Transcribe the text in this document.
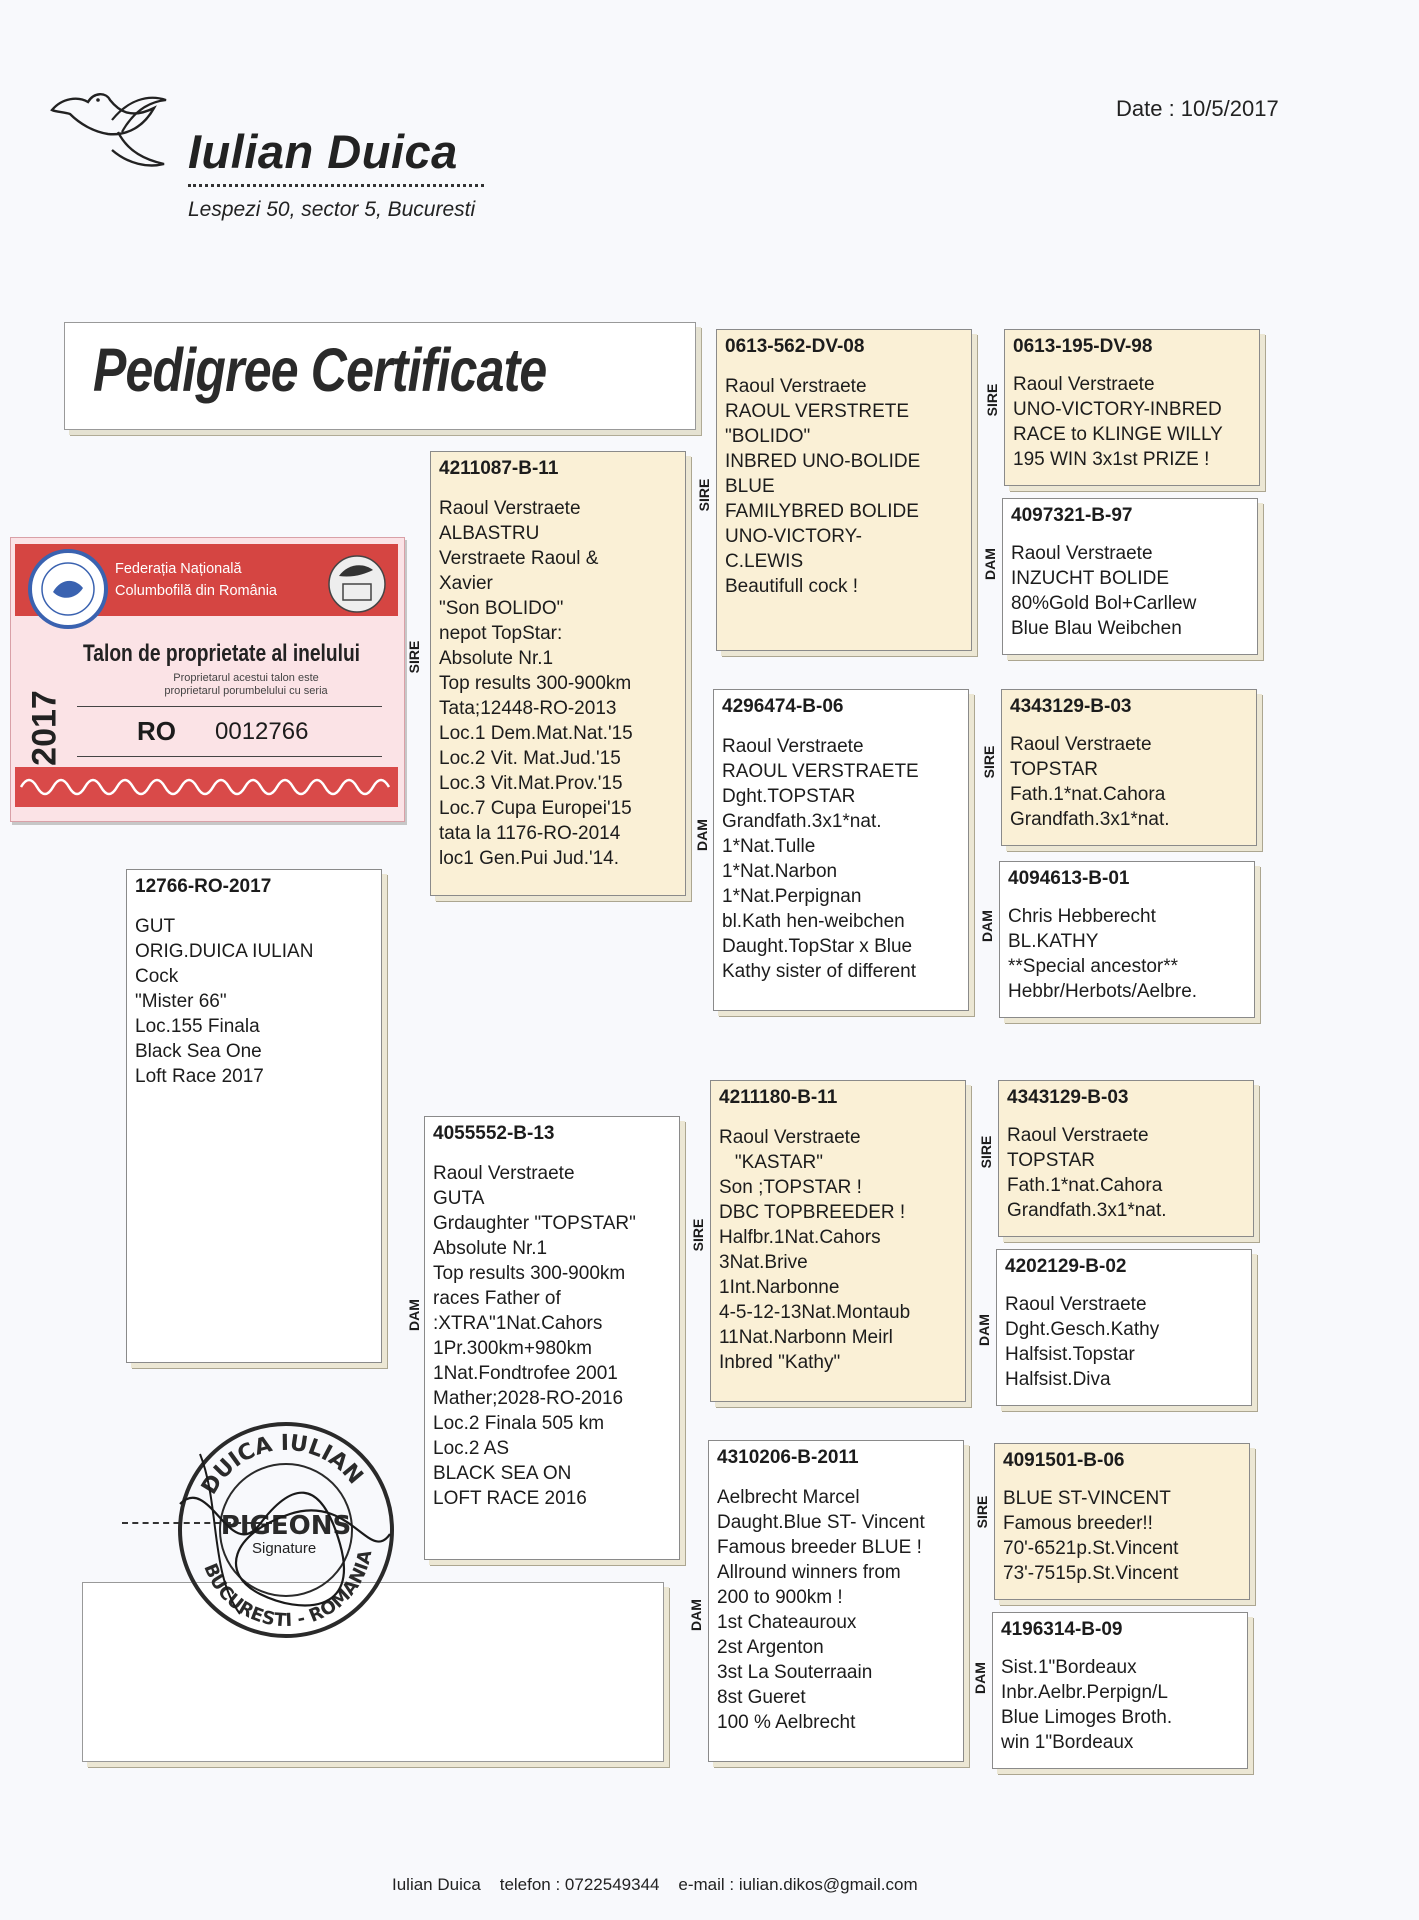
Iulian Duica
Lespezi 50, sector 5, Bucuresti
Date : 10/5/2017
Pedigree Certificate
Federația Națională
Columbofilă din România
Talon de proprietate al inelului
Proprietarul acestui talon este
proprietarul porumbelului cu seria
2017	RO 0012766
12766-RO-2017
GUT
ORIG.DUICA IULIAN
Cock
"Mister 66"
Loc.155 Finala
Black Sea One
Loft Race 2017
4211087-B-11
Raoul Verstraete
ALBASTRU
Verstraete Raoul &
Xavier
"Son BOLIDO"
nepot TopStar:
Absolute Nr.1
Top results 300-900km
Tata;12448-RO-2013
Loc.1 Dem.Mat.Nat.'15
Loc.2 Vit. Mat.Jud.'15
Loc.3 Vit.Mat.Prov.'15
Loc.7 Cupa Europei'15
tata la 1176-RO-2014
loc1 Gen.Pui Jud.'14.
4055552-B-13
Raoul Verstraete
GUTA
Grdaughter "TOPSTAR"
Absolute Nr.1
Top results 300-900km
races Father of
:XTRA"1Nat.Cahors
1Pr.300km+980km
1Nat.Fondtrofee 2001
Mather;2028-RO-2016
Loc.2 Finala 505 km
Loc.2 AS
BLACK SEA ON
LOFT RACE 2016
0613-562-DV-08
Raoul Verstraete
RAOUL VERSTRETE
"BOLIDO"
INBRED UNO-BOLIDE
BLUE
FAMILYBRED BOLIDE
UNO-VICTORY-
C.LEWIS
Beautifull cock !
4296474-B-06
Raoul Verstraete
RAOUL VERSTRAETE
Dght.TOPSTAR
Grandfath.3x1*nat.
1*Nat.Tulle
1*Nat.Narbon
1*Nat.Perpignan
bl.Kath hen-weibchen
Daught.TopStar x Blue
Kathy sister of different
4211180-B-11
Raoul Verstraete
"KASTAR"
Son ;TOPSTAR !
DBC TOPBREEDER !
Halfbr.1Nat.Cahors
3Nat.Brive
1Int.Narbonne
4-5-12-13Nat.Montaub
11Nat.Narbonn Meirl
Inbred "Kathy"
4310206-B-2011
Aelbrecht Marcel
Daught.Blue ST- Vincent
Famous breeder BLUE !
Allround winners from
200 to 900km !
1st Chateauroux
2st Argenton
3st La Souterraain
8st Gueret
100 % Aelbrecht
0613-195-DV-98
Raoul Verstraete
UNO-VICTORY-INBRED
RACE to KLINGE WILLY
195 WIN 3x1st PRIZE !
4097321-B-97
Raoul Verstraete
INZUCHT BOLIDE
80%Gold Bol+Carllew
Blue Blau Weibchen
4343129-B-03
Raoul Verstraete
TOPSTAR
Fath.1*nat.Cahora
Grandfath.3x1*nat.
4094613-B-01
Chris Hebberecht
BL.KATHY
**Special ancestor**
Hebbr/Herbots/Aelbre.
4343129-B-03
Raoul Verstraete
TOPSTAR
Fath.1*nat.Cahora
Grandfath.3x1*nat.
4202129-B-02
Raoul Verstraete
Dght.Gesch.Kathy
Halfsist.Topstar
Halfsist.Diva
4091501-B-06
BLUE ST-VINCENT
Famous breeder!!
70'-6521p.St.Vincent
73'-7515p.St.Vincent
4196314-B-09
Sist.1"Bordeaux
Inbr.Aelbr.Perpign/L
Blue Limoges Broth.
win 1"Bordeaux
SIRE
DAM
SIRE
DAM
SIRE
DAM
SIRE
DAM
SIRE
DAM
SIRE
DAM
SIRE
DAM
DUICA IULIAN
BUCURESTI - ROMANIA
PIGEONS
Signature
Iulian Duica    telefon : 0722549344    e-mail : iulian.dikos@gmail.com
